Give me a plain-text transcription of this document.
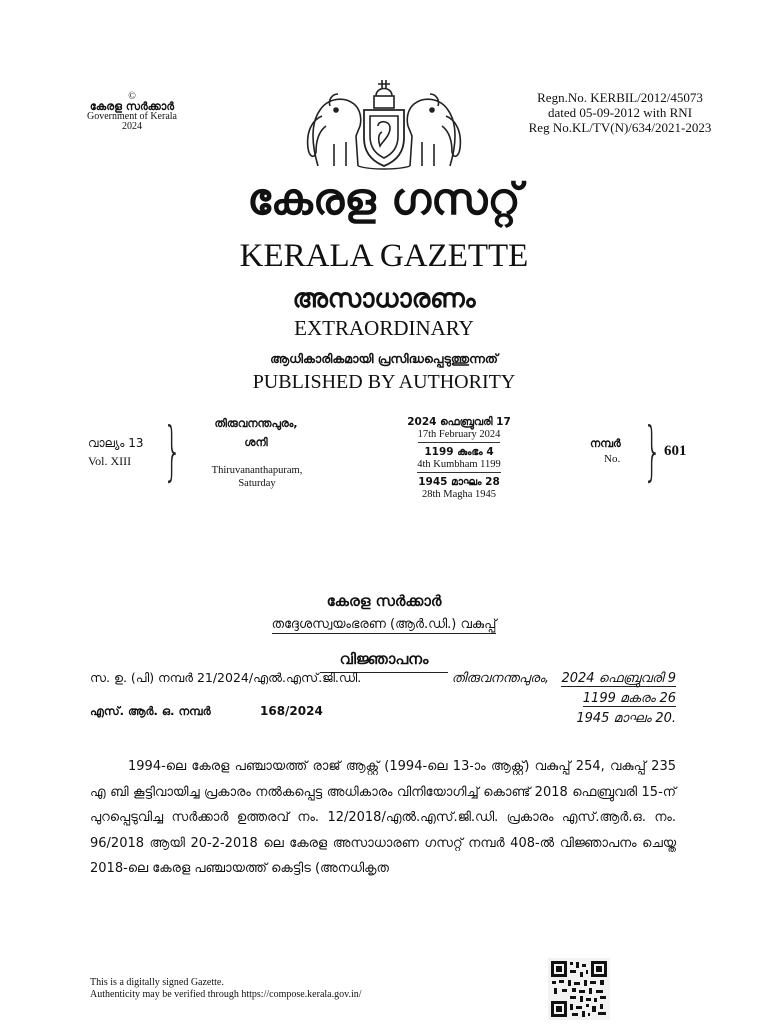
©
കേരള സർക്കാർ
Government of Kerala
2024
Regn.No. KERBIL/2012/45073
dated 05-09-2012 with RNI
Reg No.KL/TV(N)/634/2021-2023
കേരള ഗസറ്റ്
KERALA GAZETTE
അസാധാരണം
EXTRAORDINARY
ആധികാരികമായി പ്രസിദ്ധപ്പെടുത്തുന്നത്
PUBLISHED BY AUTHORITY
വാല്യം 13
Vol. XIII }	തിരുവനന്തപുരം,
ശനി
Thiruvananthapuram,
Saturday
2024 ഫെബ്രുവരി 17
17th February 2024
1199 കുംഭം 4
4th Kumbham 1199
1945 മാഘം 28
28th Magha 1945
നമ്പർ
No. } 601
കേരള സർക്കാർ
തദ്ദേശസ്വയംഭരണ (ആർ.ഡി.) വകുപ്പ്
വിജ്ഞാപനം
സ. ഉ. (പി) നമ്പർ 21/2024/എൽ.എസ്.ജി.ഡി.	തിരുവനന്തപുരം, 2024 ഫെബ്രുവരി 9
1199 മകരം 26
1945 മാഘം 20.
എസ്. ആർ. ഒ. നമ്പർ	168/2024
1994-ലെ കേരള പഞ്ചായത്ത് രാജ് ആക്റ്റ് (1994-ലെ 13-ാം ആക്റ്റ്) വകുപ്പ് 254, വകുപ്പ് 235 എ ബി കൂട്ടിവായിച്ച പ്രകാരം നൽകപ്പെട്ട അധികാരം വിനിയോഗിച്ച് കൊണ്ട് 2018 ഫെബ്രുവരി 15-ന് പുറപ്പെടുവിച്ച സർക്കാർ ഉത്തരവ് നം. 12/2018/എൽ.എസ്.ജി.ഡി. പ്രകാരം എസ്.ആർ.ഒ. നം. 96/2018 ആയി 20-2-2018 ലെ കേരള അസാധാരണ ഗസറ്റ് നമ്പർ 408-ൽ വിജ്ഞാപനം ചെയ്ത 2018-ലെ കേരള പഞ്ചായത്ത് കെട്ടിട (അനധികൃത
This is a digitally signed Gazette.
Authenticity may be verified through https://compose.kerala.gov.in/
